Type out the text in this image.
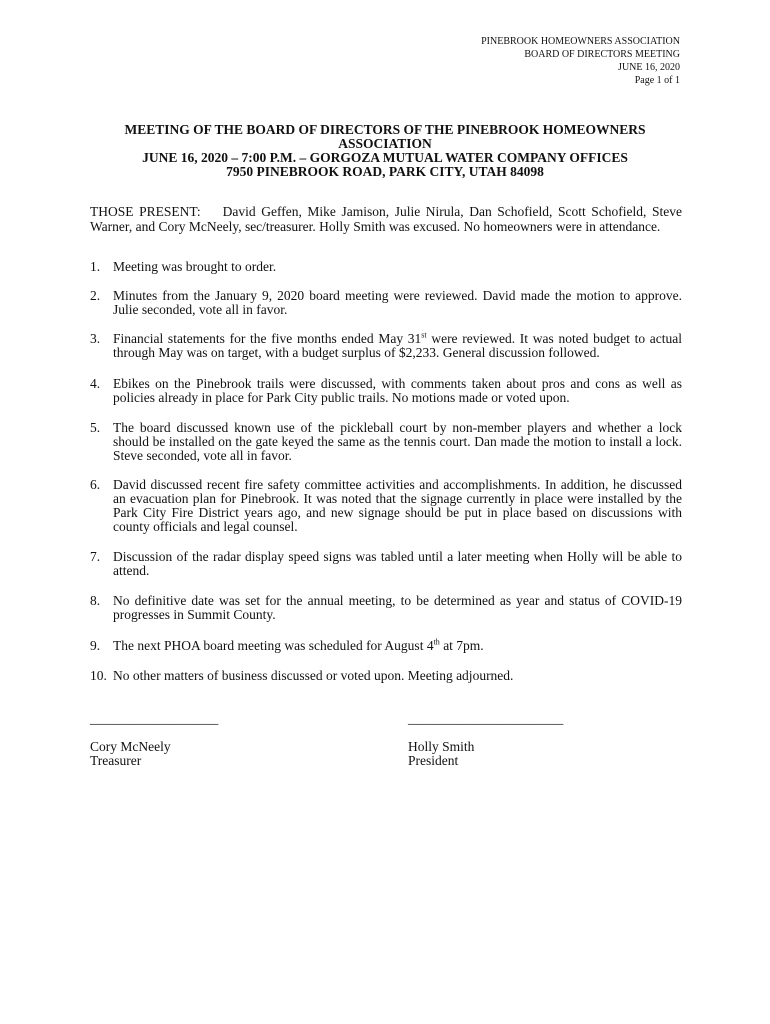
PINEBROOK HOMEOWNERS ASSOCIATION
BOARD OF DIRECTORS MEETING
JUNE 16, 2020
Page 1 of 1
MEETING OF THE BOARD OF DIRECTORS OF THE PINEBROOK HOMEOWNERS
ASSOCIATION
JUNE 16, 2020 – 7:00 P.M. – GORGOZA MUTUAL WATER COMPANY OFFICES
7950 PINEBROOK ROAD, PARK CITY, UTAH 84098
THOSE PRESENT: David Geffen, Mike Jamison, Julie Nirula, Dan Schofield, Scott Schofield, Steve Warner, and Cory McNeely, sec/treasurer. Holly Smith was excused. No homeowners were in attendance.
1. Meeting was brought to order.
2. Minutes from the January 9, 2020 board meeting were reviewed. David made the motion to approve. Julie seconded, vote all in favor.
3. Financial statements for the five months ended May 31st were reviewed. It was noted budget to actual through May was on target, with a budget surplus of $2,233. General discussion followed.
4. Ebikes on the Pinebrook trails were discussed, with comments taken about pros and cons as well as policies already in place for Park City public trails. No motions made or voted upon.
5. The board discussed known use of the pickleball court by non-member players and whether a lock should be installed on the gate keyed the same as the tennis court. Dan made the motion to install a lock. Steve seconded, vote all in favor.
6. David discussed recent fire safety committee activities and accomplishments. In addition, he discussed an evacuation plan for Pinebrook. It was noted that the signage currently in place were installed by the Park City Fire District years ago, and new signage should be put in place based on discussions with county officials and legal counsel.
7. Discussion of the radar display speed signs was tabled until a later meeting when Holly will be able to attend.
8. No definitive date was set for the annual meeting, to be determined as year and status of COVID-19 progresses in Summit County.
9. The next PHOA board meeting was scheduled for August 4th at 7pm.
10. No other matters of business discussed or voted upon. Meeting adjourned.
___________________
Cory McNeely
Treasurer
_______________________
Holly Smith
President
